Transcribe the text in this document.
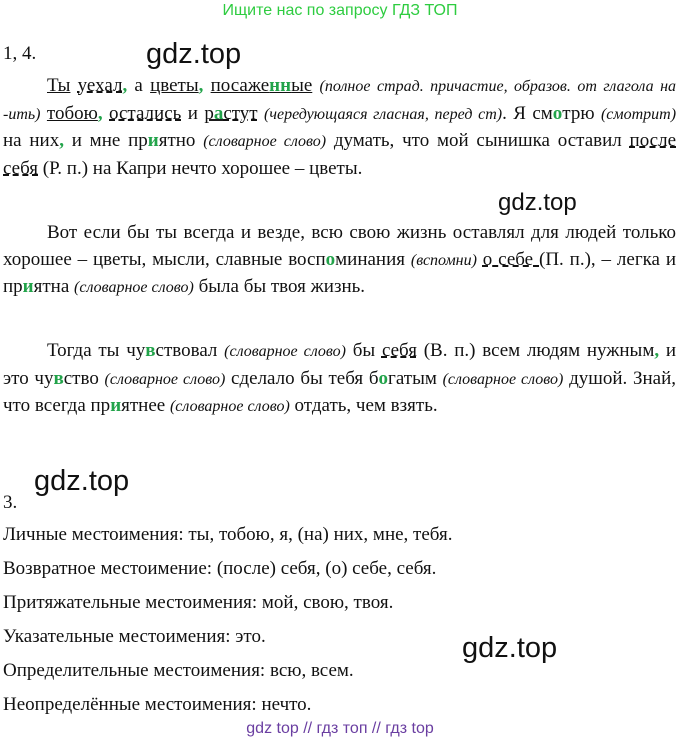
Ищите нас по запросу ГДЗ ТОП
gdz.top
gdz.top
gdz.top
gdz.top
1, 4.
Ты уехал, а цветы, посаженные (полное страд. причастие, образов. от глагола на -ить) тобою, остались и растут (чередующаяся гласная, перед ст). Я смотрю (смотрит) на них, и мне приятно (словарное слово) думать, что мой сынишка оставил после себя (Р. п.) на Капри нечто хорошее – цветы.
Вот если бы ты всегда и везде, всю свою жизнь оставлял для людей только хорошее – цветы, мысли, славные воспоминания (вспомни) о себе (П. п.), – легка и приятна (словарное слово) была бы твоя жизнь.
Тогда ты чувствовал (словарное слово) бы себя (В. п.) всем людям нужным, и это чувство (словарное слово) сделало бы тебя богатым (словарное слово) душой. Знай, что всегда приятнее (словарное слово) отдать, чем взять.
3.
Личные местоимения: ты, тобою, я, (на) них, мне, тебя.
Возвратное местоимение: (после) себя, (о) себе, себя.
Притяжательные местоимения: мой, свою, твоя.
Указательные местоимения: это.
Определительные местоимения: всю, всем.
Неопределённые местоимения: нечто.
gdz top // гдз топ // гдз top
